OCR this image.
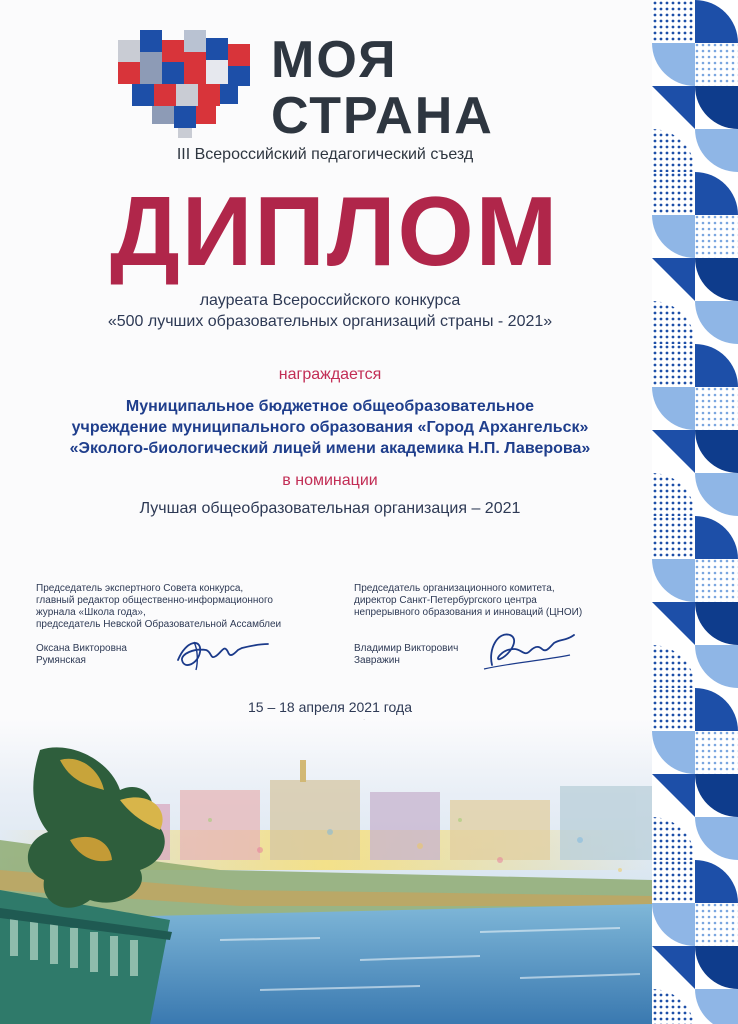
МОЯ
СТРАНА
III Всероссийский педагогический съезд
ДИПЛОМ
лауреата Всероссийского конкурса
«500 лучших образовательных организаций страны - 2021»
награждается
Муниципальное бюджетное общеобразовательное
учреждение муниципального образования «Город Архангельск»
«Эколого-биологический лицей имени академика Н.П. Лаверова»
в номинации
Лучшая общеобразовательная организация – 2021
Председатель экспертного Совета конкурса,
главный редактор общественно-информационного
журнала «Школа года»,
председатель Невской Образовательной Ассамблеи
Оксана Викторовна
Румянская
Председатель организационного комитета,
директор Санкт-Петербургского центра
непрерывного образования и инноваций (ЦНОИ)
Владимир Викторович
Завражин
15 – 18 апреля 2021 года
